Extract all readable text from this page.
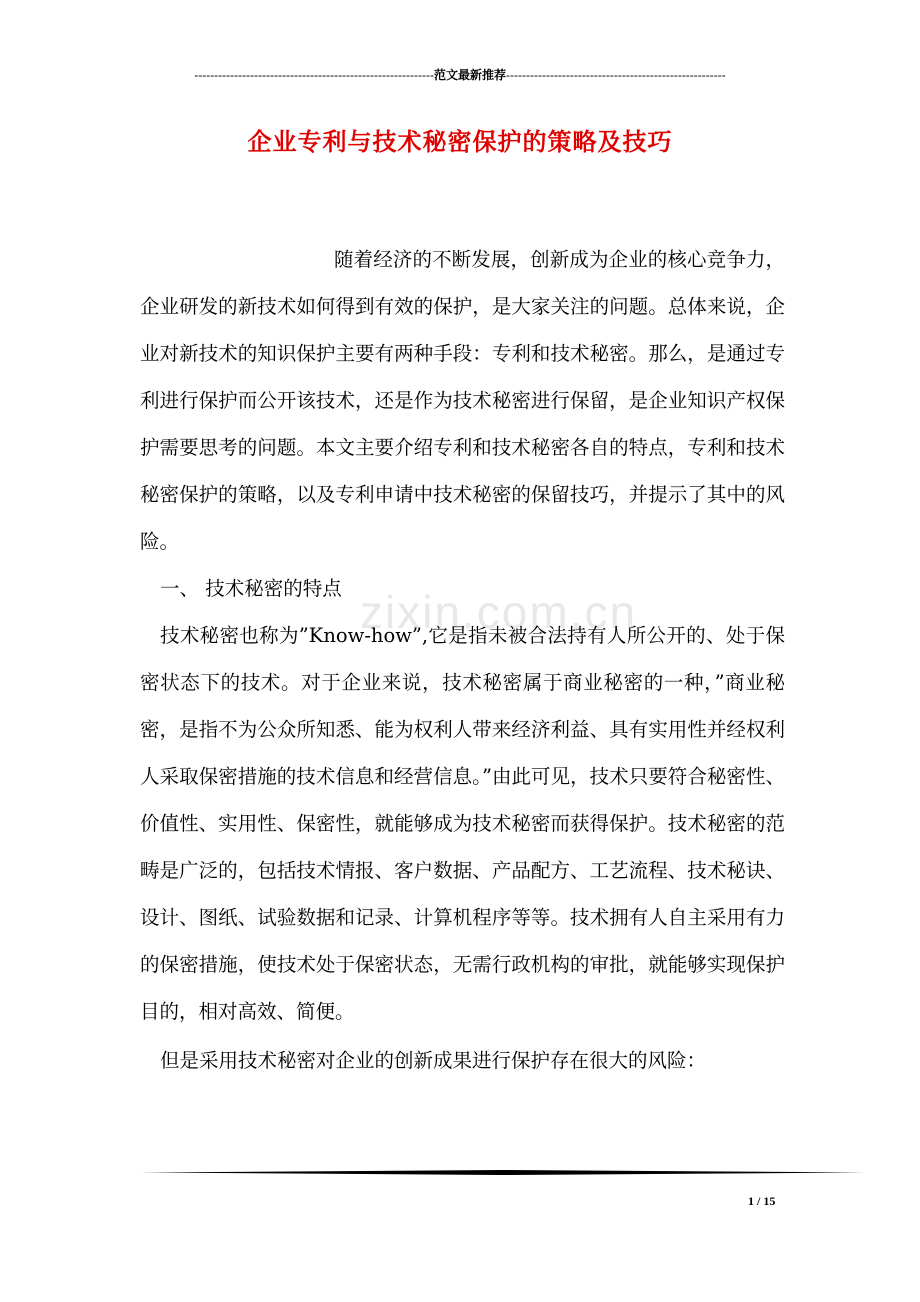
------------------------------------------------------------范文最新推荐-------------------------------------------------------
企业专利与技术秘密保护的策略及技巧
zixin.com.cn

随着经济的不断发展，创新成为企业的核心竞争力，企业研发的新技术如何得到有效的保护，是大家关注的问题。总体来说，企业对新技术的知识保护主要有两种手段：专利和技术秘密。那么，是通过专利进行保护而公开该技术，还是作为技术秘密进行保留，是企业知识产权保护需要思考的问题。本文主要介绍专利和技术秘密各自的特点，专利和技术秘密保护的策略，以及专利申请中技术秘密的保留技巧，并提示了其中的风险。

一、 技术秘密的特点

技术秘密也称为”Know-how”,它是指未被合法持有人所公开的、处于保密状态下的技术。对于企业来说，技术秘密属于商业秘密的一种，”商业秘密，是指不为公众所知悉、能为权利人带来经济利益、具有实用性并经权利人采取保密措施的技术信息和经营信息。”由此可见，技术只要符合秘密性、价值性、实用性、保密性，就能够成为技术秘密而获得保护。技术秘密的范畴是广泛的，包括技术情报、客户数据、产品配方、工艺流程、技术秘诀、设计、图纸、试验数据和记录、计算机程序等等。技术拥有人自主采用有力的保密措施，使技术处于保密状态，无需行政机构的审批，就能够实现保护目的，相对高效、简便。

但是采用技术秘密对企业的创新成果进行保护存在很大的风险：

1 / 15
